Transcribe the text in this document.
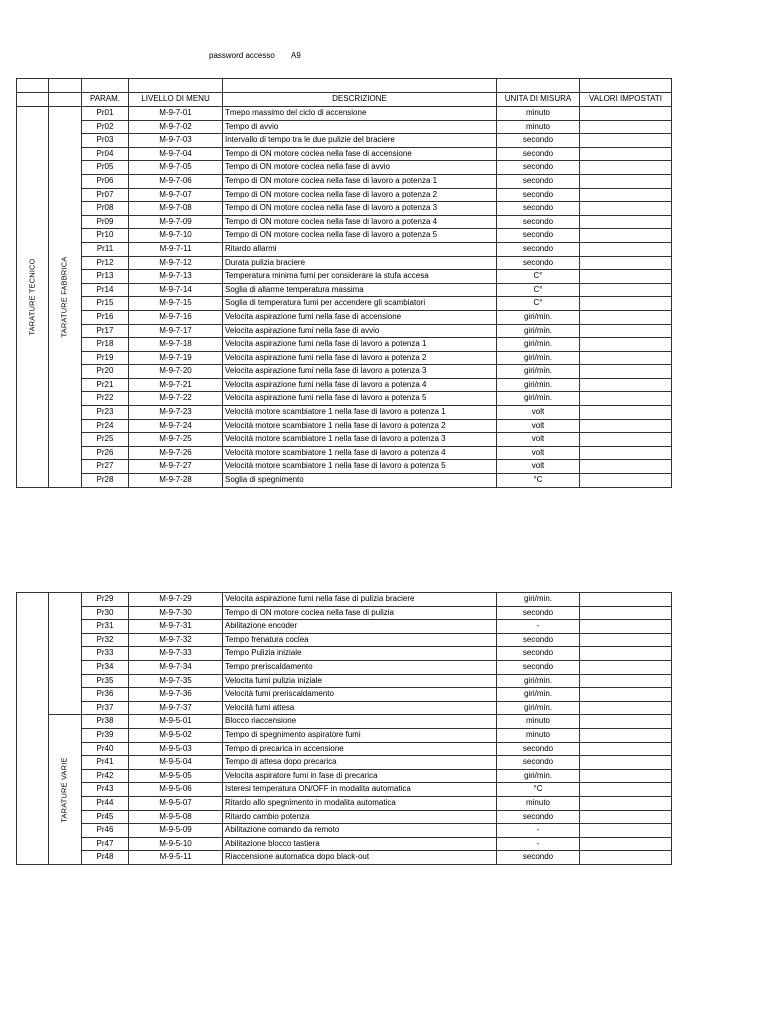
password accesso A9

		PARAM.	LIVELLO DI MENU	DESCRIZIONE	UNITA DI MISURA	VALORI IMPOSTATI

TARATURE TECNICO	TARATURE FABBRICA	Pr01	M-9-7-01	Tmepo massimo del ciclo di accensione	minuto	
		Pr02	M-9-7-02	Tempo di avvio	minuto	
		Pr03	M-9-7-03	Intervallo di tempo tra le due pulizie del braciere	secondo	
		Pr04	M-9-7-04	Tempo di ON motore coclea nella fase di accensione	secondo	
		Pr05	M-9-7-05	Tempo di ON motore coclea nella fase di avvio	secondo	
		Pr06	M-9-7-06	Tempo di ON motore coclea nella fase di lavoro a potenza 1	secondo	
		Pr07	M-9-7-07	Tempo di ON motore coclea nella fase di lavoro a potenza 2	secondo	
		Pr08	M-9-7-08	Tempo di ON motore coclea nella fase di lavoro a potenza 3	secondo	
		Pr09	M-9-7-09	Tempo di ON motore coclea nella fase di lavoro a potenza 4	secondo	
		Pr10	M-9-7-10	Tempo di ON motore coclea nella fase di lavoro a potenza 5	secondo	
		Pr11	M-9-7-11	Ritardo allarmi	secondo	
		Pr12	M-9-7-12	Durata pulizia braciere	secondo	
		Pr13	M-9-7-13	Temperatura minima fumi per considerare la stufa accesa	C°	
		Pr14	M-9-7-14	Soglia di allarme temperatura massima	C°	
		Pr15	M-9-7-15	Soglia di temperatura fumi per accendere gli scambiatori	C°	
		Pr16	M-9-7-16	Velocita aspirazione fumi nella fase di accensione	giri/min.	
		Pr17	M-9-7-17	Velocita aspirazione fumi nella fase di avvio	giri/min.	
		Pr18	M-9-7-18	Velocita aspirazione fumi nella fase di lavoro a potenza 1	giri/min.	
		Pr19	M-9-7-19	Velocita aspirazione fumi nella fase di lavoro a potenza 2	giri/min.	
		Pr20	M-9-7-20	Velocita aspirazione fumi nella fase di lavoro a potenza 3	giri/min.	
		Pr21	M-9-7-21	Velocita aspirazione fumi nella fase di lavoro a potenza 4	giri/min.	
		Pr22	M-9-7-22	Velocita aspirazione fumi nella fase di lavoro a potenza 5	giri/min.	
		Pr23	M-9-7-23	Velocità motore scambiatore 1 nella fase di lavoro a potenza 1	volt	
		Pr24	M-9-7-24	Velocità motore scambiatore 1 nella fase di lavoro a potenza 2	volt	
		Pr25	M-9-7-25	Velocità motore scambiatore 1 nella fase di lavoro a potenza 3	volt	
		Pr26	M-9-7-26	Velocità motore scambiatore 1 nella fase di lavoro a potenza 4	volt	
		Pr27	M-9-7-27	Velocità motore scambiatore 1 nella fase di lavoro a potenza 5	volt	
		Pr28	M-9-7-28	Soglia di spegnimento	°C	
		Pr29	M-9-7-29	Velocita aspirazione fumi nella fase di pulizia braciere	giri/min.	
		Pr30	M-9-7-30	Tempo di ON motore coclea nella fase di pulizia	secondo	
		Pr31	M-9-7-31	Abilitazione encoder	-	
		Pr32	M-9-7-32	Tempo frenatura coclea	secondo	
		Pr33	M-9-7-33	Tempo Pulizia iniziale	secondo	
		Pr34	M-9-7-34	Tempo preriscaldamento	secondo	
		Pr35	M-9-7-35	Velocita fumi pulizia iniziale	giri/min.	
		Pr36	M-9-7-36	Velocità fumi preriscaldamento	giri/min.	
		Pr37	M-9-7-37	Velocità fumi attesa	giri/min.	

	TARATURE VARIE	Pr38	M-9-5-01	Blocco riaccensione	minuto	
		Pr39	M-9-5-02	Tempo di spegnimento aspiratore fumi	minuto	
		Pr40	M-9-5-03	Tempo di precarica in accensione	secondo	
		Pr41	M-9-5-04	Tempo di attesa dopo precarica	secondo	
		Pr42	M-9-5-05	Velocita aspiratore fumi in fase di precarica	giri/min.	
		Pr43	M-9-5-06	Isteresi temperatura ON/OFF in modalita automatica	°C	
		Pr44	M-9-5-07	Ritardo allo spegnimento in modalita automatica	minuto	
		Pr45	M-9-5-08	Ritardo cambio potenza	secondo	
		Pr46	M-9-5-09	Abilitazione comando da remoto	-	
		Pr47	M-9-5-10	Abilitazione blocco tastiera	-	
		Pr48	M-9-5-11	Riaccensione automatica dopo black-out	secondo	
